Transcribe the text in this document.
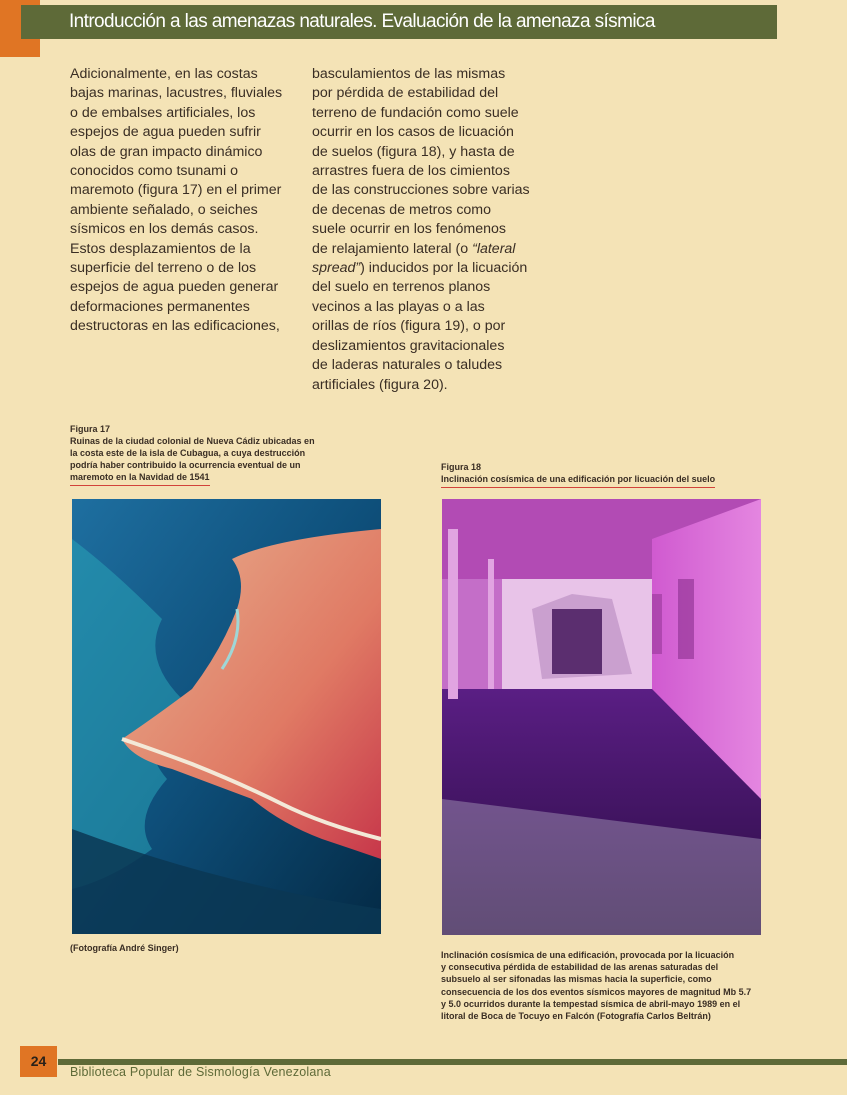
Introducción a las amenazas naturales. Evaluación de la amenaza sísmica
Adicionalmente, en las costas
bajas marinas, lacustres, fluviales
o de embalses artificiales, los
espejos de agua pueden sufrir
olas de gran impacto dinámico
conocidos como tsunami o
maremoto (figura 17) en el primer
ambiente señalado, o seiches
sísmicos en los demás casos.
Estos desplazamientos de la
superficie del terreno o de los
espejos de agua pueden generar
deformaciones permanentes
destructoras en las edificaciones,
basculamientos de las mismas
por pérdida de estabilidad del
terreno de fundación como suele
ocurrir en los casos de licuación
de suelos (figura 18), y hasta de
arrastres fuera de los cimientos
de las construcciones sobre varias
de decenas de metros como
suele ocurrir en los fenómenos
de relajamiento lateral (o “lateral
spread”) inducidos por la licuación
del suelo en terrenos planos
vecinos a las playas o a las
orillas de ríos (figura 19), o por
deslizamientos gravitacionales
de laderas naturales o taludes
artificiales (figura 20).
Figura 17
Ruinas de la ciudad colonial de Nueva Cádiz ubicadas en
la costa este de la isla de Cubagua, a cuya destrucción
podría haber contribuido la ocurrencia eventual de un
maremoto en la Navidad de 1541
(Fotografía André Singer)
Figura 18
Inclinación cosísmica de una edificación por licuación del suelo
Inclinación cosísmica de una edificación, provocada por la licuación
y consecutiva pérdida de estabilidad de las arenas saturadas del
subsuelo al ser sifonadas las mismas hacia la superficie, como
consecuencia de los dos eventos sísmicos mayores de magnitud Mb 5.7
y 5.0 ocurridos durante la tempestad sísmica de abril-mayo 1989 en el
litoral de Boca de Tocuyo en Falcón (Fotografía Carlos Beltrán)
24
Biblioteca Popular de Sismología Venezolana
